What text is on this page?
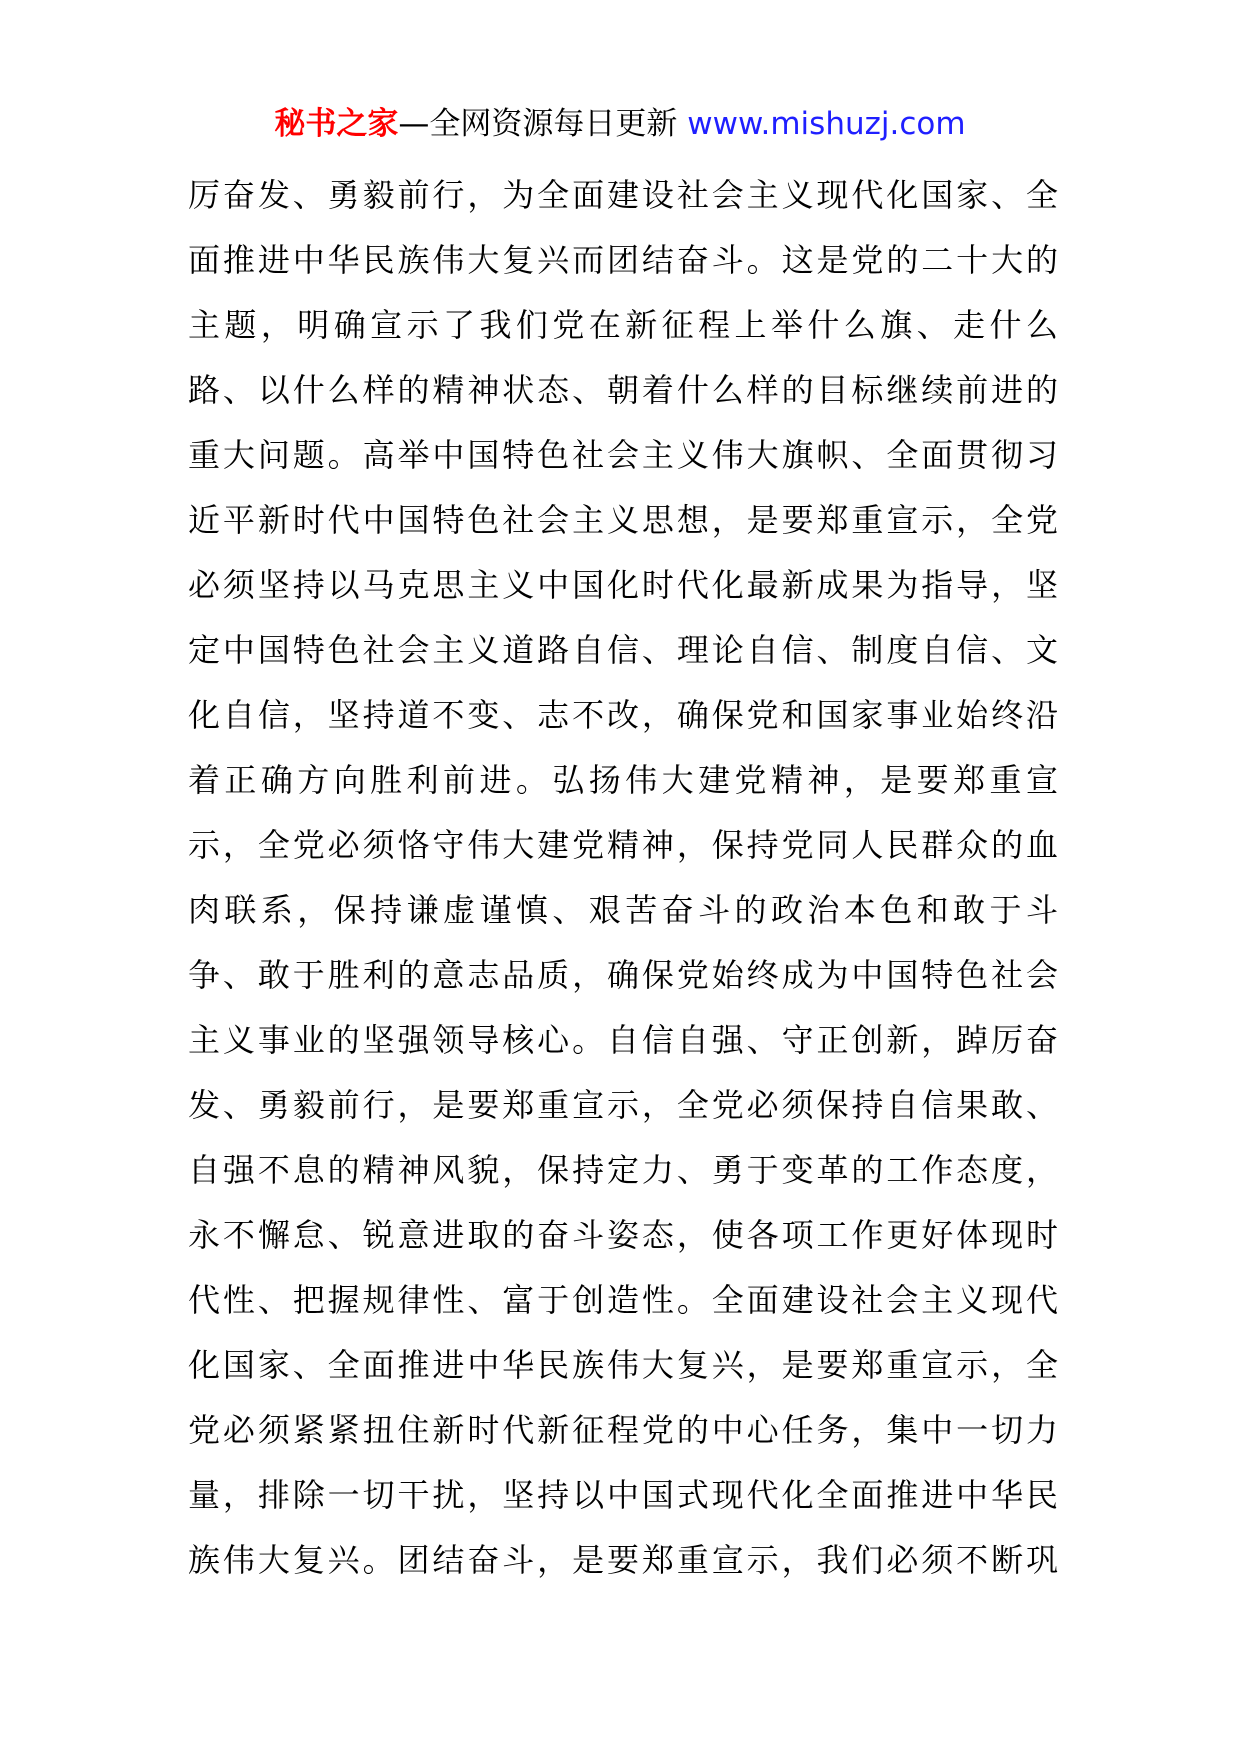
秘书之家—全网资源每日更新 www.mishuzj.com
厉奋发、勇毅前行，为全面建设社会主义现代化国家、全
面推进中华民族伟大复兴而团结奋斗。这是党的二十大的
主题，明确宣示了我们党在新征程上举什么旗、走什么
路、以什么样的精神状态、朝着什么样的目标继续前进的
重大问题。高举中国特色社会主义伟大旗帜、全面贯彻习
近平新时代中国特色社会主义思想，是要郑重宣示，全党
必须坚持以马克思主义中国化时代化最新成果为指导，坚
定中国特色社会主义道路自信、理论自信、制度自信、文
化自信，坚持道不变、志不改，确保党和国家事业始终沿
着正确方向胜利前进。弘扬伟大建党精神，是要郑重宣
示，全党必须恪守伟大建党精神，保持党同人民群众的血
肉联系，保持谦虚谨慎、艰苦奋斗的政治本色和敢于斗
争、敢于胜利的意志品质，确保党始终成为中国特色社会
主义事业的坚强领导核心。自信自强、守正创新，踔厉奋
发、勇毅前行，是要郑重宣示，全党必须保持自信果敢、
自强不息的精神风貌，保持定力、勇于变革的工作态度，
永不懈怠、锐意进取的奋斗姿态，使各项工作更好体现时
代性、把握规律性、富于创造性。全面建设社会主义现代
化国家、全面推进中华民族伟大复兴，是要郑重宣示，全
党必须紧紧扭住新时代新征程党的中心任务，集中一切力
量，排除一切干扰，坚持以中国式现代化全面推进中华民
族伟大复兴。团结奋斗，是要郑重宣示，我们必须不断巩
